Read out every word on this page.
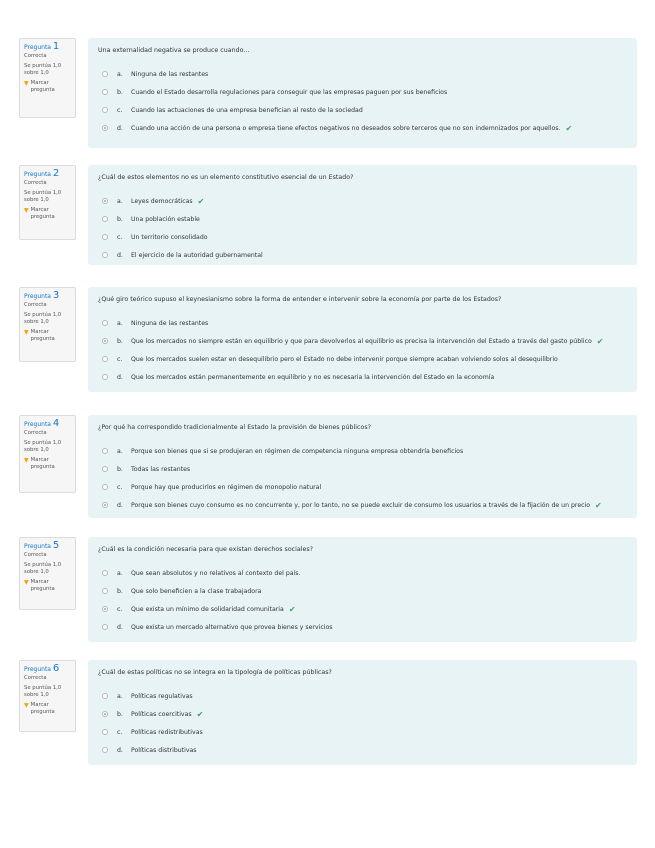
Pregunta 1
Correcta
Se puntúa 1,0 sobre 1,0
▼ Marcar pregunta
Una externalidad negativa se produce cuando...
a.	Ninguna de las restantes
b.	Cuando el Estado desarrolla regulaciones para conseguir que las empresas paguen por sus beneficios
c.	Cuando las actuaciones de una empresa benefician al resto de la sociedad
d.	Cuando una acción de una persona o empresa tiene efectos negativos no deseados sobre terceros que no son indemnizados por aquellos. ✔
Pregunta 2
Correcta
Se puntúa 1,0 sobre 1,0
▼ Marcar pregunta
¿Cuál de estos elementos no es un elemento constitutivo esencial de un Estado?
a.	Leyes democráticas ✔
b.	Una población estable
c.	Un territorio consolidado
d.	El ejercicio de la autoridad gubernamental
Pregunta 3
Correcta
Se puntúa 1,0 sobre 1,0
▼ Marcar pregunta
¿Qué giro teórico supuso el keynesianismo sobre la forma de entender e intervenir sobre la economía por parte de los Estados?
a.	Ninguna de las restantes
b.	Que los mercados no siempre están en equilibrio y que para devolverlos al equilibrio es precisa la intervención del Estado a través del gasto público ✔
c.	Que los mercados suelen estar en desequilibrio pero el Estado no debe intervenir porque siempre acaban volviendo solos al desequilibrio
d.	Que los mercados están permanentemente en equilibrio y no es necesaria la intervención del Estado en la economía
Pregunta 4
Correcta
Se puntúa 1,0 sobre 1,0
▼ Marcar pregunta
¿Por qué ha correspondido tradicionalmente al Estado la provisión de bienes públicos?
a.	Porque son bienes que si se produjeran en régimen de competencia ninguna empresa obtendría beneficios
b.	Todas las restantes
c.	Porque hay que producirlos en régimen de monopolio natural
d.	Porque son bienes cuyo consumo es no concurrente y, por lo tanto, no se puede excluir de consumo los usuarios a través de la fijación de un precio ✔
Pregunta 5
Correcta
Se puntúa 1,0 sobre 1,0
▼ Marcar pregunta
¿Cuál es la condición necesaria para que existan derechos sociales?
a.	Que sean absolutos y no relativos al contexto del país.
b.	Que solo beneficien a la clase trabajadora
c.	Que exista un mínimo de solidaridad comunitaria ✔
d.	Que exista un mercado alternativo que provea bienes y servicios
Pregunta 6
Correcta
Se puntúa 1,0 sobre 1,0
▼ Marcar pregunta
¿Cuál de estas políticas no se integra en la tipología de políticas públicas?
a.	Políticas regulativas
b.	Políticas coercitivas ✔
c.	Políticas redistributivas
d.	Políticas distributivas
